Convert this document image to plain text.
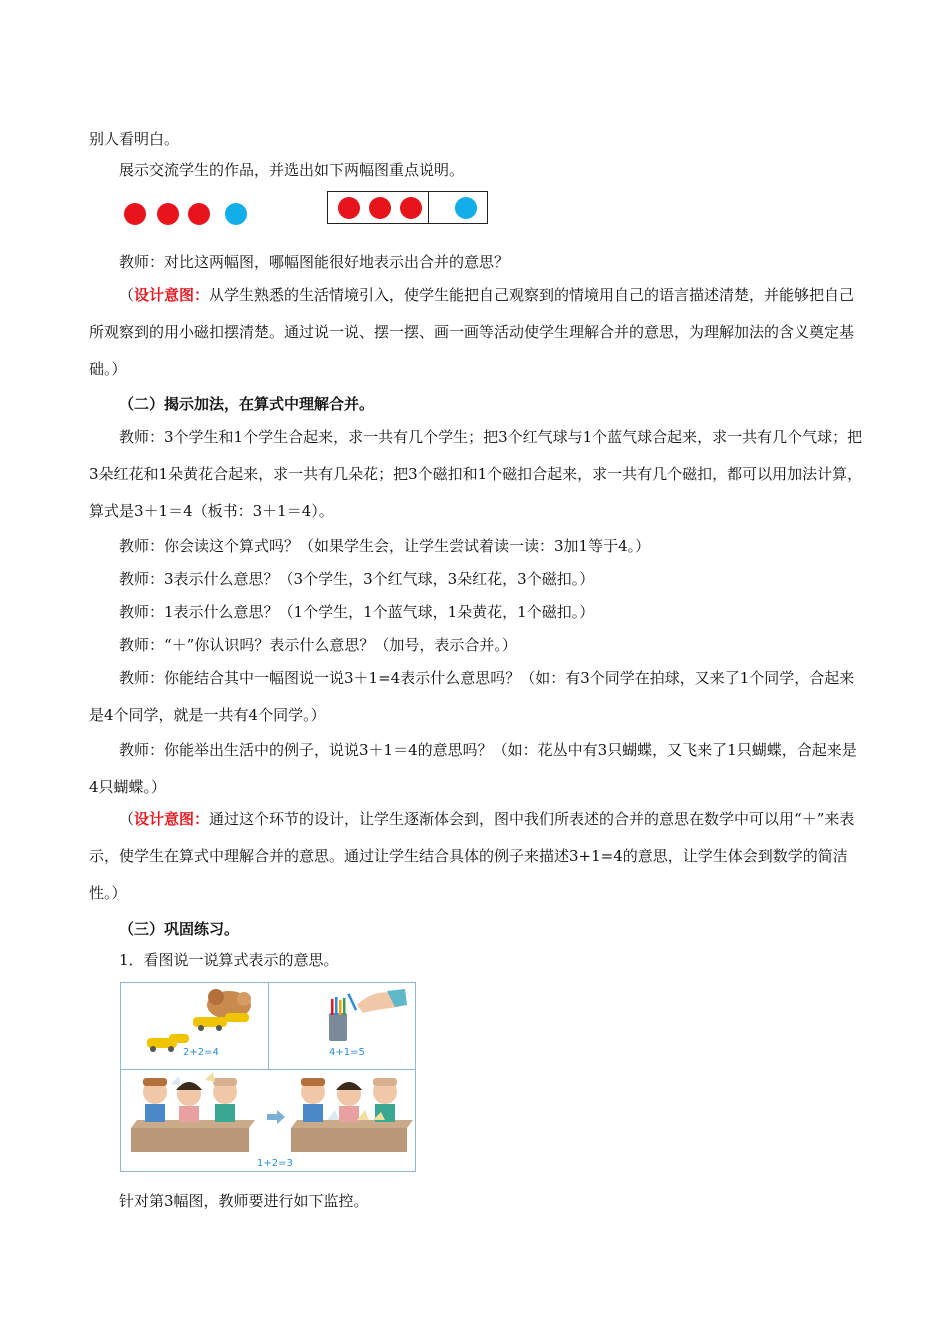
别人看明白。

展示交流学生的作品，并选出如下两幅图重点说明。

教师：对比这两幅图，哪幅图能很好地表示出合并的意思？

（设计意图：从学生熟悉的生活情境引入，使学生能把自己观察到的情境用自己的语言描述清楚，并能够把自己所观察到的用小磁扣摆清楚。通过说一说、摆一摆、画一画等活动使学生理解合并的意思，为理解加法的含义奠定基础。）

（二）揭示加法，在算式中理解合并。

教师：3个学生和1个学生合起来，求一共有几个学生；把3个红气球与1个蓝气球合起来，求一共有几个气球；把3朵红花和1朵黄花合起来，求一共有几朵花；把3个磁扣和1个磁扣合起来，求一共有几个磁扣，都可以用加法计算，算式是3＋1＝4（板书：3＋1＝4）。

教师：你会读这个算式吗？（如果学生会，让学生尝试着读一读：3加1等于4。）

教师：3表示什么意思？（3个学生，3个红气球，3朵红花，3个磁扣。）

教师：1表示什么意思？（1个学生，1个蓝气球，1朵黄花，1个磁扣。）

教师：“＋”你认识吗？表示什么意思？（加号，表示合并。）

教师：你能结合其中一幅图说一说3＋1=4表示什么意思吗？（如：有3个同学在拍球，又来了1个同学，合起来是4个同学，就是一共有4个同学。）

教师：你能举出生活中的例子，说说3＋1＝4的意思吗？（如：花丛中有3只蝴蝶，又飞来了1只蝴蝶，合起来是4只蝴蝶。）

（设计意图：通过这个环节的设计，让学生逐渐体会到，图中我们所表述的合并的意思在数学中可以用“＋”来表示，使学生在算式中理解合并的意思。通过让学生结合具体的例子来描述3+1=4的意思，让学生体会到数学的简洁性。）

（三）巩固练习。

1．看图说一说算式表示的意思。

2+2=4	4+1=5
1+2=3

针对第3幅图，教师要进行如下监控。
